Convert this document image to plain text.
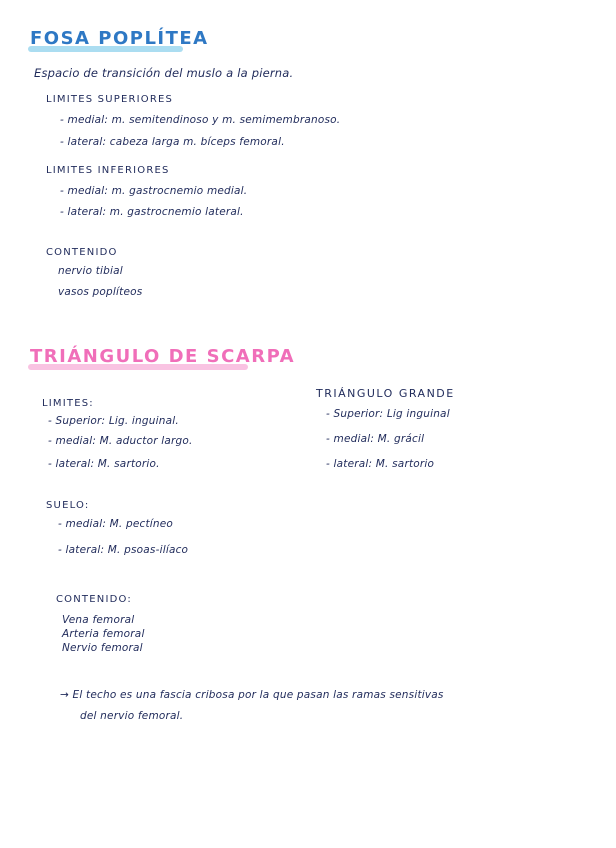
FOSA POPLÍTEA
Espacio de transición del muslo a la pierna.
LIMITES SUPERIORES
- medial: m. semitendinoso y m. semimembranoso.
- lateral: cabeza larga m. bíceps femoral.
LIMITES INFERIORES
- medial: m. gastrocnemio medial.
- lateral: m. gastrocnemio lateral.
CONTENIDO
nervio tibial
vasos poplíteos
TRIÁNGULO DE SCARPA
TRIÁNGULO GRANDE
- Superior: Lig inguinal
- medial: M. grácil
- lateral: M. sartorio
LIMITES:
- Superior: Lig. inguinal.
- medial: M. aductor largo.
- lateral: M. sartorio.
SUELO:
- medial: M. pectíneo
- lateral: M. psoas-ilíaco
CONTENIDO:
Vena femoral
Arteria femoral
Nervio femoral
→ El techo es una fascia cribosa por la que pasan las ramas sensitivas
del nervio femoral.
